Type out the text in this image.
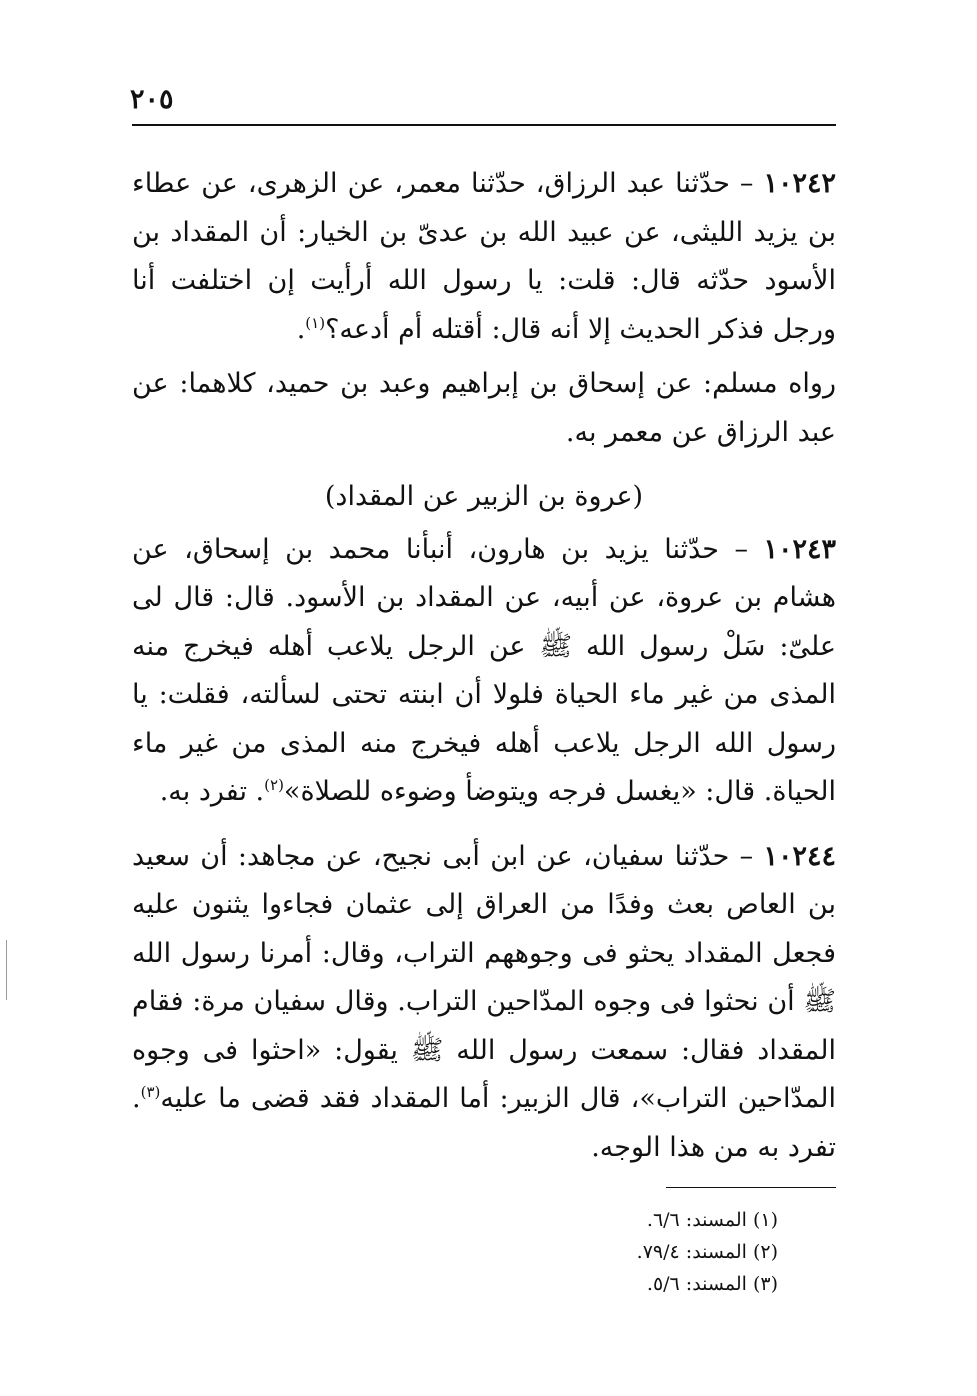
٢٠٥

١٠٢٤٢ – حدّثنا عبد الرزاق، حدّثنا معمر، عن الزهرى، عن عطاء بن يزيد الليثى، عن عبيد الله بن عدىّ بن الخيار: أن المقداد بن الأسود حدّثه قال: قلت: يا رسول الله أرأيت إن اختلفت أنا ورجل فذكر الحديث إلا أنه قال: أقتله أم أدعه؟$^{(١)}$.

رواه مسلم: عن إسحاق بن إبراهيم وعبد بن حميد، كلاهما: عن عبد الرزاق عن معمر به.

(عروة بن الزبير عن المقداد)

١٠٢٤٣ – حدّثنا يزيد بن هارون، أنبأنا محمد بن إسحاق، عن هشام بن عروة، عن أبيه، عن المقداد بن الأسود. قال: قال لى علىّ: سَلْ رسول الله ﷺ عن الرجل يلاعب أهله فيخرج منه المذى من غير ماء الحياة فلولا أن ابنته تحتى لسألته، فقلت: يا رسول الله الرجل يلاعب أهله فيخرج منه المذى من غير ماء الحياة. قال: «يغسل فرجه ويتوضأ وضوءه للصلاة»$^{(٢)}$. تفرد به.

١٠٢٤٤ – حدّثنا سفيان، عن ابن أبى نجيح، عن مجاهد: أن سعيد بن العاص بعث وفدًا من العراق إلى عثمان فجاءوا يثنون عليه فجعل المقداد يحثو فى وجوههم التراب، وقال: أمرنا رسول الله ﷺ أن نحثوا فى وجوه المدّاحين التراب. وقال سفيان مرة: فقام المقداد فقال: سمعت رسول الله ﷺ يقول: «احثوا فى وجوه المدّاحين التراب»، قال الزبير: أما المقداد فقد قضى ما عليه$^{(٣)}$. تفرد به من هذا الوجه.

(١) المسند: ٦/٦.
(٢) المسند: ٧٩/٤.
(٣) المسند: ٥/٦.
